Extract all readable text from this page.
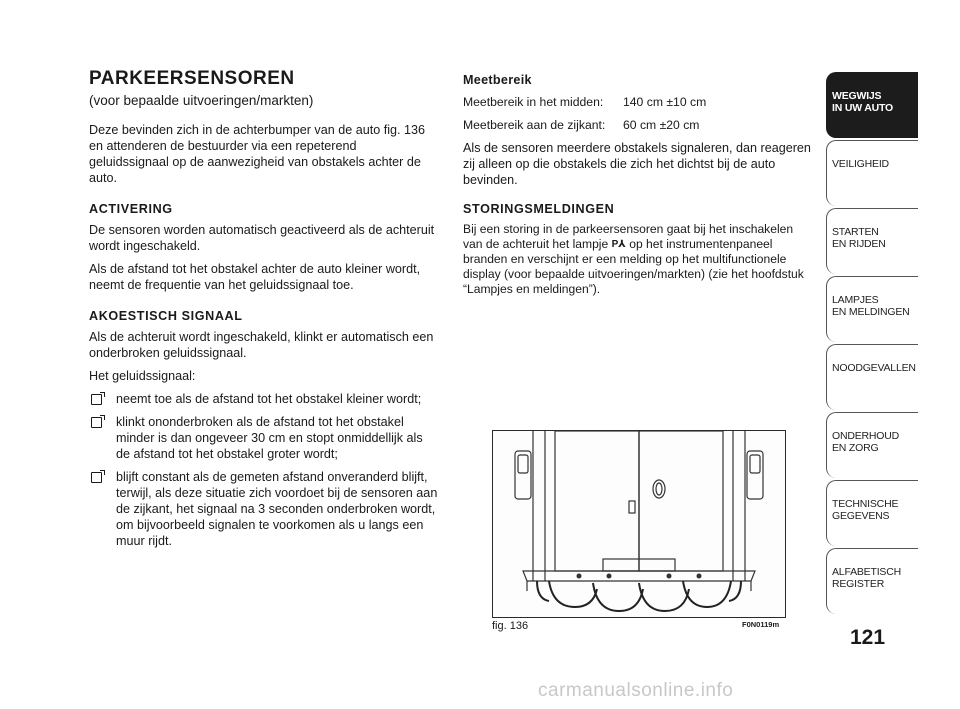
PARKEERSENSOREN
(voor bepaalde uitvoeringen/markten)

Deze bevinden zich in de achterbumper van de auto fig. 136 en attenderen de bestuurder via een repeterend geluidssignaal op de aanwezigheid van obstakels achter de auto.

ACTIVERING

De sensoren worden automatisch geactiveerd als de achteruit wordt ingeschakeld.

Als de afstand tot het obstakel achter de auto kleiner wordt, neemt de frequentie van het geluidssignaal toe.

AKOESTISCH SIGNAAL

Als de achteruit wordt ingeschakeld, klinkt er automatisch een onderbroken geluidssignaal.

Het geluidssignaal:

neemt toe als de afstand tot het obstakel kleiner wordt;
klinkt ononderbroken als de afstand tot het obstakel minder is dan ongeveer 30 cm en stopt onmiddellijk als de afstand tot het obstakel groter wordt;
blijft constant als de gemeten afstand onveranderd blijft, terwijl, als deze situatie zich voordoet bij de sensoren aan de zijkant, het signaal na 3 seconden onderbroken wordt, om bijvoorbeeld signalen te voorkomen als u langs een muur rijdt.
Meetbereik
Meetbereik in het midden:	140 cm ±10 cm
Meetbereik aan de zijkant:	60 cm ±20 cm

Als de sensoren meerdere obstakels signaleren, dan reageren zij alleen op die obstakels die zich het dichtst bij de auto bevinden.

STORINGSMELDINGEN

Bij een storing in de parkeersensoren gaat bij het inschakelen van de achteruit het lampje P⅄ op het instrumentenpaneel branden en verschijnt er een melding op het multifunctionele display (voor bepaalde uitvoeringen/markten) (zie het hoofdstuk “Lampjes en meldingen”).

fig. 136	F0N0119m
WEGWIJS
IN UW AUTO
VEILIGHEID
STARTEN
EN RIJDEN
LAMPJES
EN MELDINGEN
NOODGEVALLEN
ONDERHOUD
EN ZORG
TECHNISCHE
GEGEVENS
ALFABETISCH
REGISTER
121
carmanualsonline.info
